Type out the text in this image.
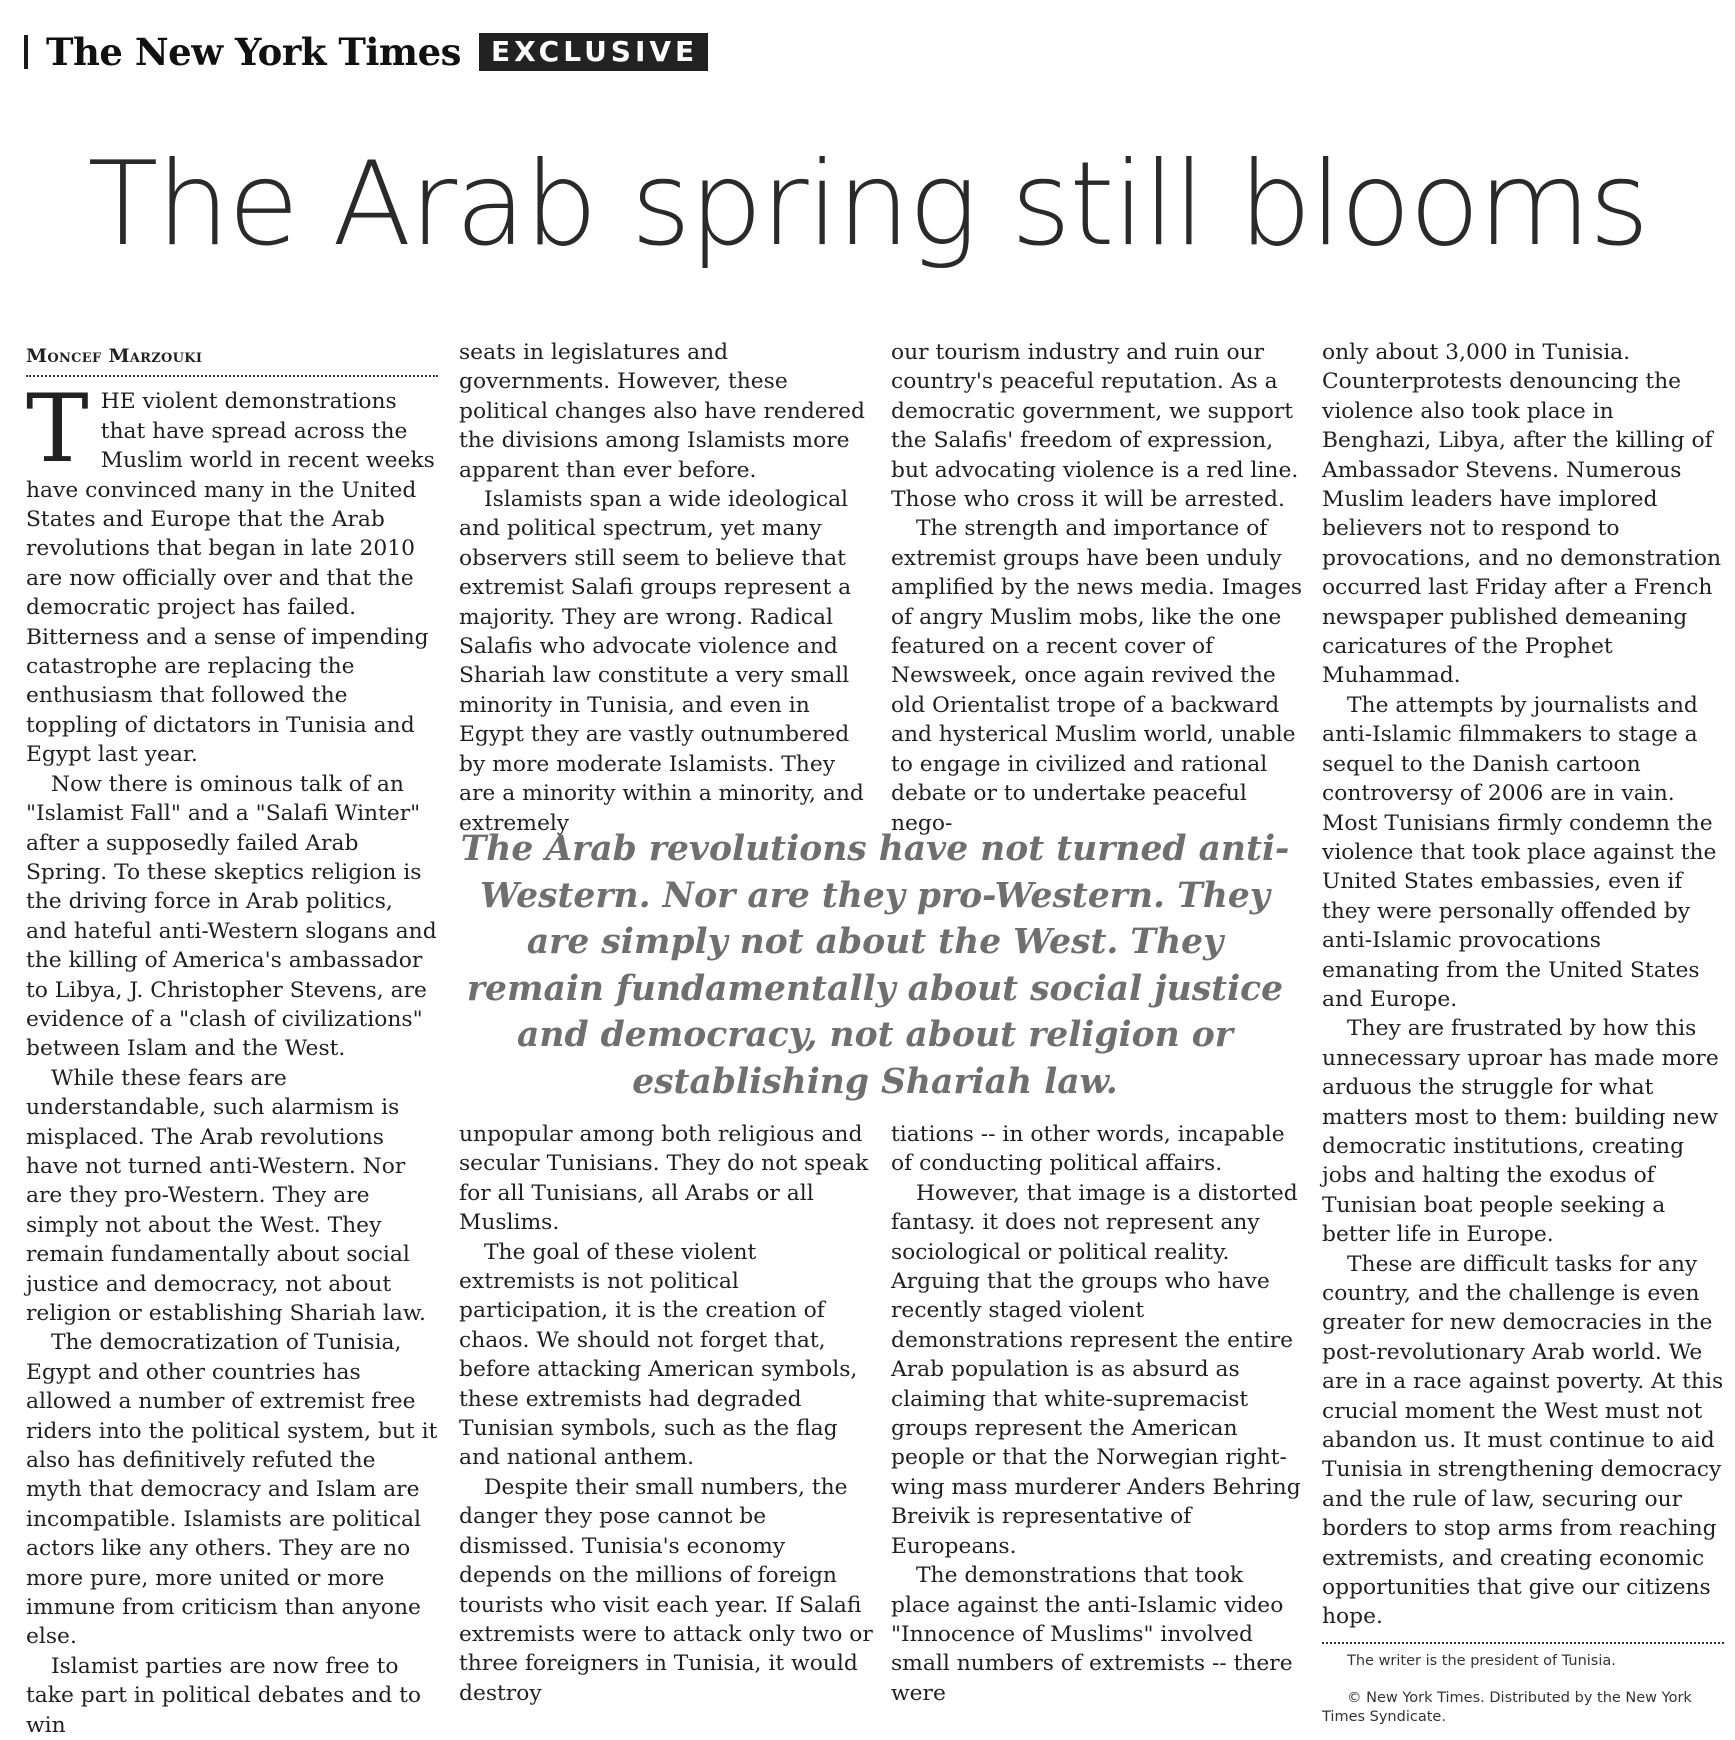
The New York Times	EXCLUSIVE
The Arab spring still blooms
Moncef Marzouki

THE violent demonstrations that have spread across the Muslim world in recent weeks have convinced many in the United States and Europe that the Arab revolutions that began in late 2010 are now officially over and that the democratic project has failed. Bitterness and a sense of impending catastrophe are replacing the enthusiasm that followed the toppling of dictators in Tunisia and Egypt last year.

Now there is ominous talk of an "Islamist Fall" and a "Salafi Winter" after a supposedly failed Arab Spring. To these skeptics religion is the driving force in Arab politics, and hateful anti-Western slogans and the killing of America's ambassador to Libya, J. Christopher Stevens, are evidence of a "clash of civilizations" between Islam and the West.

While these fears are understandable, such alarmism is misplaced. The Arab revolutions have not turned anti-Western. Nor are they pro-Western. They are simply not about the West. They remain fundamentally about social justice and democracy, not about religion or establishing Shariah law.

The democratization of Tunisia, Egypt and other countries has allowed a number of extremist free riders into the political system, but it also has definitively refuted the myth that democracy and Islam are incompatible. Islamists are political actors like any others. They are no more pure, more united or more immune from criticism than anyone else.

Islamist parties are now free to take part in political debates and to win

seats in legislatures and governments. However, these political changes also have rendered the divisions among Islamists more apparent than ever before.

Islamists span a wide ideological and political spectrum, yet many observers still seem to believe that extremist Salafi groups represent a majority. They are wrong. Radical Salafis who advocate violence and Shariah law constitute a very small minority in Tunisia, and even in Egypt they are vastly outnumbered by more moderate Islamists. They are a minority within a minority, and extremely

our tourism industry and ruin our country's peaceful reputation. As a democratic government, we support the Salafis' freedom of expression, but advocating violence is a red line. Those who cross it will be arrested.

The strength and importance of extremist groups have been unduly amplified by the news media. Images of angry Muslim mobs, like the one featured on a recent cover of Newsweek, once again revived the old Orientalist trope of a backward and hysterical Muslim world, unable to engage in civilized and rational debate or to undertake peaceful nego-

The Arab revolutions have not turned anti-Western. Nor are they pro-Western. They are simply not about the West. They remain fundamentally about social justice and democracy, not about religion or establishing Shariah law.

unpopular among both religious and secular Tunisians. They do not speak for all Tunisians, all Arabs or all Muslims.

The goal of these violent extremists is not political participation, it is the creation of chaos. We should not forget that, before attacking American symbols, these extremists had degraded Tunisian symbols, such as the flag and national anthem.

Despite their small numbers, the danger they pose cannot be dismissed. Tunisia's economy depends on the millions of foreign tourists who visit each year. If Salafi extremists were to attack only two or three foreigners in Tunisia, it would destroy

tiations -- in other words, incapable of conducting political affairs.

However, that image is a distorted fantasy. it does not represent any sociological or political reality. Arguing that the groups who have recently staged violent demonstrations represent the entire Arab population is as absurd as claiming that white-supremacist groups represent the American people or that the Norwegian right-wing mass murderer Anders Behring Breivik is representative of Europeans.

The demonstrations that took place against the anti-Islamic video "Innocence of Muslims" involved small numbers of extremists -- there were

only about 3,000 in Tunisia. Counterprotests denouncing the violence also took place in Benghazi, Libya, after the killing of Ambassador Stevens. Numerous Muslim leaders have implored believers not to respond to provocations, and no demonstration occurred last Friday after a French newspaper published demeaning caricatures of the Prophet Muhammad.

The attempts by journalists and anti-Islamic filmmakers to stage a sequel to the Danish cartoon controversy of 2006 are in vain. Most Tunisians firmly condemn the violence that took place against the United States embassies, even if they were personally offended by anti-Islamic provocations emanating from the United States and Europe.

They are frustrated by how this unnecessary uproar has made more arduous the struggle for what matters most to them: building new democratic institutions, creating jobs and halting the exodus of Tunisian boat people seeking a better life in Europe.

These are difficult tasks for any country, and the challenge is even greater for new democracies in the post-revolutionary Arab world. We are in a race against poverty. At this crucial moment the West must not abandon us. It must continue to aid Tunisia in strengthening democracy and the rule of law, securing our borders to stop arms from reaching extremists, and creating economic opportunities that give our citizens hope.

The writer is the president of Tunisia.

© New York Times. Distributed by the New York Times Syndicate.
